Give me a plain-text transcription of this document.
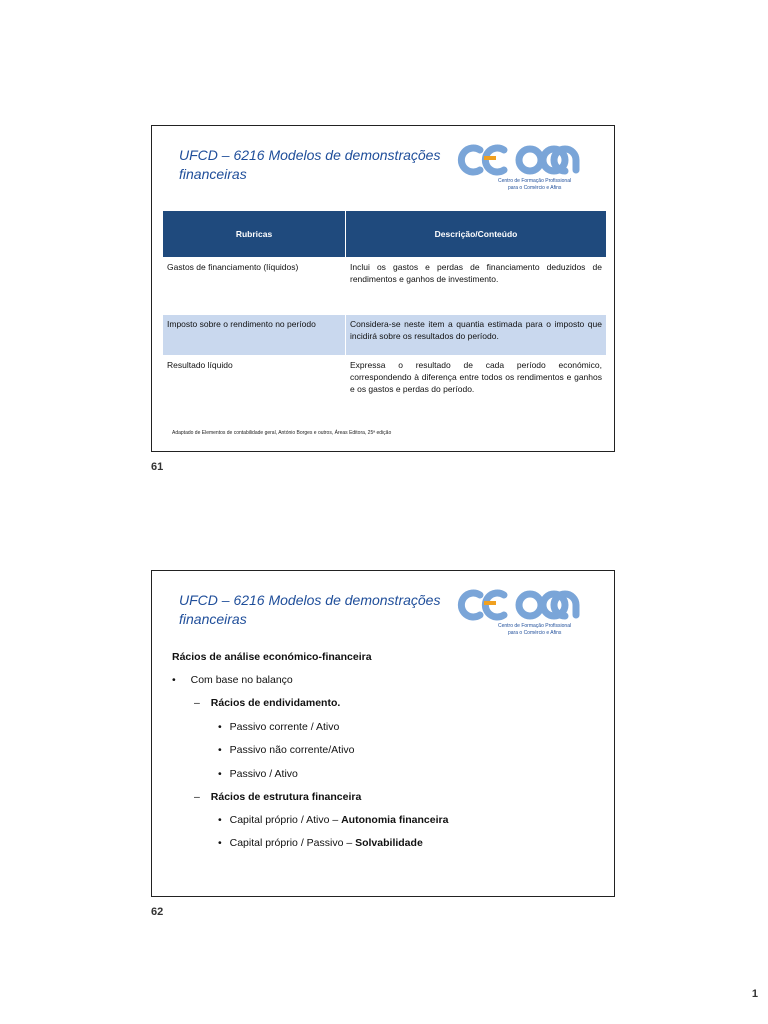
UFCD – 6216 Modelos de demonstrações financeiras	Centro de Formação Profissional
para o Comércio e Afins
Rubricas	Descrição/Conteúdo
Gastos de financiamento (líquidos)	Inclui os gastos e perdas de financiamento deduzidos de rendimentos e ganhos de investimento.
Imposto sobre o rendimento no período	Considera-se neste item a quantia estimada para o imposto que incidirá sobre os resultados do período.
Resultado líquido	Expressa o resultado de cada período económico, correspondendo à diferença entre todos os rendimentos e ganhos e os gastos e perdas do período.
Adaptado de Elementos de contabilidade geral, António Borges e outros, Áreas Editora, 25ª edição
61
UFCD – 6216 Modelos de demonstrações financeiras	Centro de Formação Profissional
para o Comércio e Afins
Rácios de análise económico-financeira
• Com base no balanço
– Rácios de endividamento.
• Passivo corrente / Ativo
• Passivo não corrente/Ativo
• Passivo / Ativo
– Rácios de estrutura financeira
• Capital próprio / Ativo – Autonomia financeira
• Capital próprio / Passivo – Solvabilidade
62
1
